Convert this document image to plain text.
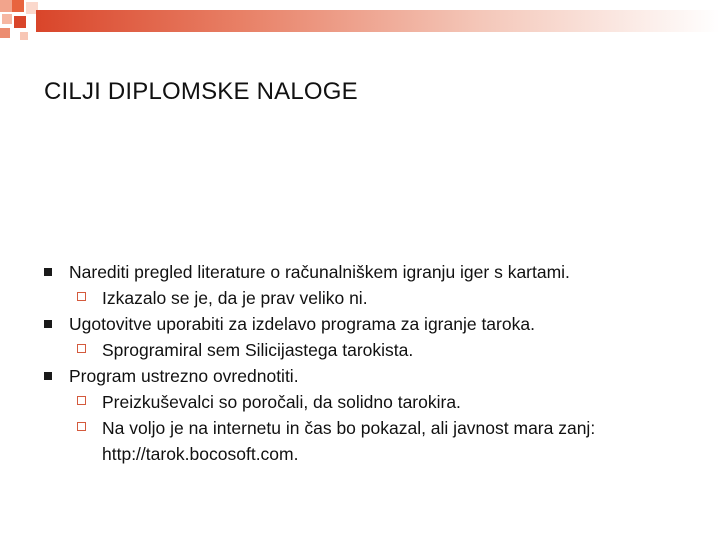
CILJI DIPLOMSKE NALOGE
Narediti pregled literature o računalniškem igranju iger s kartami.
Izkazalo se je, da je prav veliko ni.
Ugotovitve uporabiti za izdelavo programa za igranje taroka.
Sprogramiral sem Silicijastega tarokista.
Program ustrezno ovrednotiti.
Preizkuševalci so poročali, da solidno tarokira.
Na voljo je na internetu in čas bo pokazal, ali javnost mara zanj: http://tarok.bocosoft.com.
